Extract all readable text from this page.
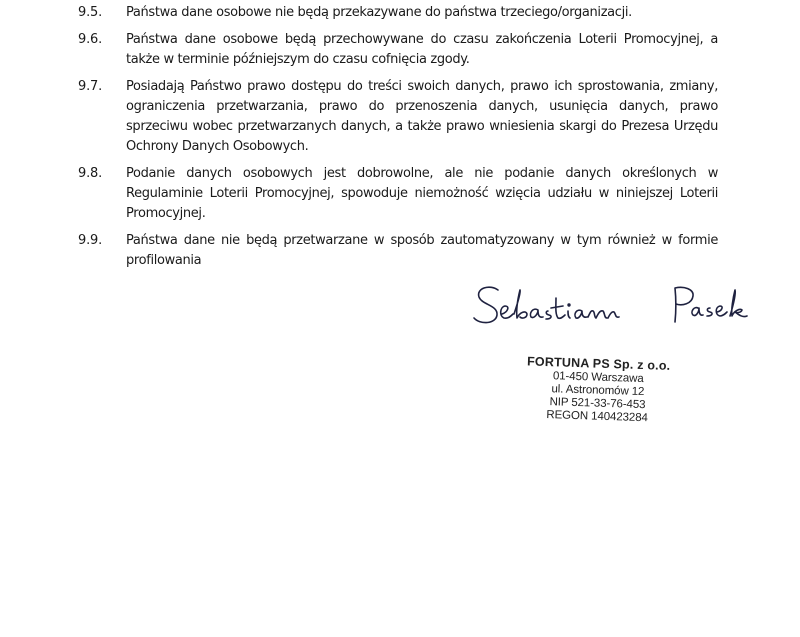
9.5.	Państwa dane osobowe nie będą przekazywane do państwa trzeciego/organizacji.
9.6.	Państwa dane osobowe będą przechowywane do czasu zakończenia Loterii Promocyjnej, a także w terminie późniejszym do czasu cofnięcia zgody.
9.7.	Posiadają Państwo prawo dostępu do treści swoich danych, prawo ich sprostowania, zmiany, ograniczenia przetwarzania, prawo do przenoszenia danych, usunięcia danych, prawo sprzeciwu wobec przetwarzanych danych, a także prawo wniesienia skargi do Prezesa Urzędu Ochrony Danych Osobowych.
9.8.	Podanie danych osobowych jest dobrowolne, ale nie podanie danych określonych w Regulaminie Loterii Promocyjnej, spowoduje niemożność wzięcia udziału w niniejszej Loterii Promocyjnej.
9.9.	Państwa dane nie będą przetwarzane w sposób zautomatyzowany w tym również w formie profilowania
FORTUNA PS Sp. z o.o.
01-450 Warszawa
ul. Astronomów 12
NIP 521-33-76-453
REGON 140423284
